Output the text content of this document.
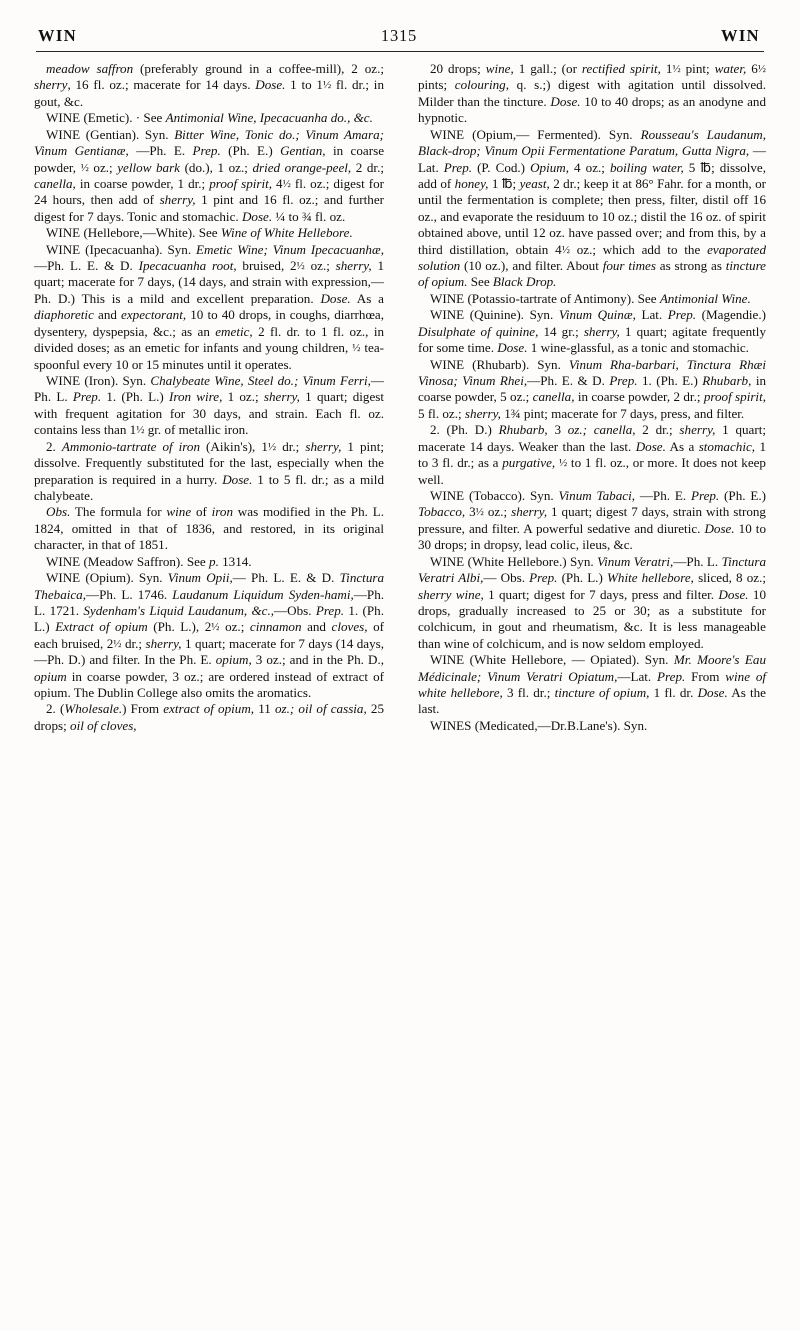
WIN	1315	WIN

meadow saffron (preferably ground in a coffee-mill), 2 oz.; sherry, 16 fl. oz.; macerate for 14 days. Dose. 1 to 1½ fl. dr.; in gout, &c.

WINE (Emetic). · See Antimonial Wine, Ipecacuanha do., &c.

WINE (Gentian). Syn. Bitter Wine, Tonic do.; Vinum Amara; Vinum Gentianæ, —Ph. E. Prep. (Ph. E.) Gentian, in coarse powder, ½ oz.; yellow bark (do.), 1 oz.; dried orange-peel, 2 dr.; canella, in coarse powder, 1 dr.; proof spirit, 4½ fl. oz.; digest for 24 hours, then add of sherry, 1 pint and 16 fl. oz.; and further digest for 7 days. Tonic and stomachic. Dose. ¼ to ¾ fl. oz.

WINE (Hellebore,—White). See Wine of White Hellebore.

WINE (Ipecacuanha). Syn. Emetic Wine; Vinum Ipecacuanhæ,—Ph. L. E. & D. Ipecacuanha root, bruised, 2½ oz.; sherry, 1 quart; macerate for 7 days, (14 days, and strain with expression,—Ph. D.) This is a mild and excellent preparation. Dose. As a diaphoretic and expectorant, 10 to 40 drops, in coughs, diarrhœa, dysentery, dyspepsia, &c.; as an emetic, 2 fl. dr. to 1 fl. oz., in divided doses; as an emetic for infants and young children, ½ tea-spoonful every 10 or 15 minutes until it operates.

WINE (Iron). Syn. Chalybeate Wine, Steel do.; Vinum Ferri,—Ph. L. Prep. 1. (Ph. L.) Iron wire, 1 oz.; sherry, 1 quart; digest with frequent agitation for 30 days, and strain. Each fl. oz. contains less than 1½ gr. of metallic iron.

2. Ammonio-tartrate of iron (Aikin's), 1½ dr.; sherry, 1 pint; dissolve. Frequently substituted for the last, especially when the preparation is required in a hurry. Dose. 1 to 5 fl. dr.; as a mild chalybeate.

Obs. The formula for wine of iron was modified in the Ph. L. 1824, omitted in that of 1836, and restored, in its original character, in that of 1851.

WINE (Meadow Saffron). See p. 1314.

WINE (Opium). Syn. Vinum Opii,— Ph. L. E. & D. Tinctura Thebaica,—Ph. L. 1746. Laudanum Liquidum Syden-hami,—Ph. L. 1721. Sydenham's Liquid Laudanum, &c.,—Obs. Prep. 1. (Ph. L.) Extract of opium (Ph. L.), 2½ oz.; cinnamon and cloves, of each bruised, 2½ dr.; sherry, 1 quart; macerate for 7 days (14 days,—Ph. D.) and filter. In the Ph. E. opium, 3 oz.; and in the Ph. D., opium in coarse powder, 3 oz.; are ordered instead of extract of opium. The Dublin College also omits the aromatics.

2. (Wholesale.) From extract of opium, 11 oz.; oil of cassia, 25 drops; oil of cloves,

20 drops; wine, 1 gall.; (or rectified spirit, 1½ pint; water, 6½ pints; colouring, q. s.;) digest with agitation until dissolved. Milder than the tincture. Dose. 10 to 40 drops; as an anodyne and hypnotic.

WINE (Opium,— Fermented). Syn. Rousseau's Laudanum, Black-drop; Vinum Opii Fermentatione Paratum, Gutta Nigra, —Lat. Prep. (P. Cod.) Opium, 4 oz.; boiling water, 5 ℔; dissolve, add of honey, 1 ℔; yeast, 2 dr.; keep it at 86° Fahr. for a month, or until the fermentation is complete; then press, filter, distil off 16 oz., and evaporate the residuum to 10 oz.; distil the 16 oz. of spirit obtained above, until 12 oz. have passed over; and from this, by a third distillation, obtain 4½ oz.; which add to the evaporated solution (10 oz.), and filter. About four times as strong as tincture of opium. See Black Drop.

WINE (Potassio-tartrate of Antimony). See Antimonial Wine.

WINE (Quinine). Syn. Vinum Quinæ, Lat. Prep. (Magendie.) Disulphate of quinine, 14 gr.; sherry, 1 quart; agitate frequently for some time. Dose. 1 wine-glassful, as a tonic and stomachic.

WINE (Rhubarb). Syn. Vinum Rha-barbari, Tinctura Rhæi Vinosa; Vinum Rhei,—Ph. E. & D. Prep. 1. (Ph. E.) Rhubarb, in coarse powder, 5 oz.; canella, in coarse powder, 2 dr.; proof spirit, 5 fl. oz.; sherry, 1¾ pint; macerate for 7 days, press, and filter.

2. (Ph. D.) Rhubarb, 3 oz.; canella, 2 dr.; sherry, 1 quart; macerate 14 days. Weaker than the last. Dose. As a stomachic, 1 to 3 fl. dr.; as a purgative, ½ to 1 fl. oz., or more. It does not keep well.

WINE (Tobacco). Syn. Vinum Tabaci, —Ph. E. Prep. (Ph. E.) Tobacco, 3½ oz.; sherry, 1 quart; digest 7 days, strain with strong pressure, and filter. A powerful sedative and diuretic. Dose. 10 to 30 drops; in dropsy, lead colic, ileus, &c.

WINE (White Hellebore.) Syn. Vinum Veratri,—Ph. L. Tinctura Veratri Albi,— Obs. Prep. (Ph. L.) White hellebore, sliced, 8 oz.; sherry wine, 1 quart; digest for 7 days, press and filter. Dose. 10 drops, gradually increased to 25 or 30; as a substitute for colchicum, in gout and rheumatism, &c. It is less manageable than wine of colchicum, and is now seldom employed.

WINE (White Hellebore, — Opiated). Syn. Mr. Moore's Eau Médicinale; Vinum Veratri Opiatum,—Lat. Prep. From wine of white hellebore, 3 fl. dr.; tincture of opium, 1 fl. dr. Dose. As the last.

WINES (Medicated,—Dr.B.Lane's). Syn.
